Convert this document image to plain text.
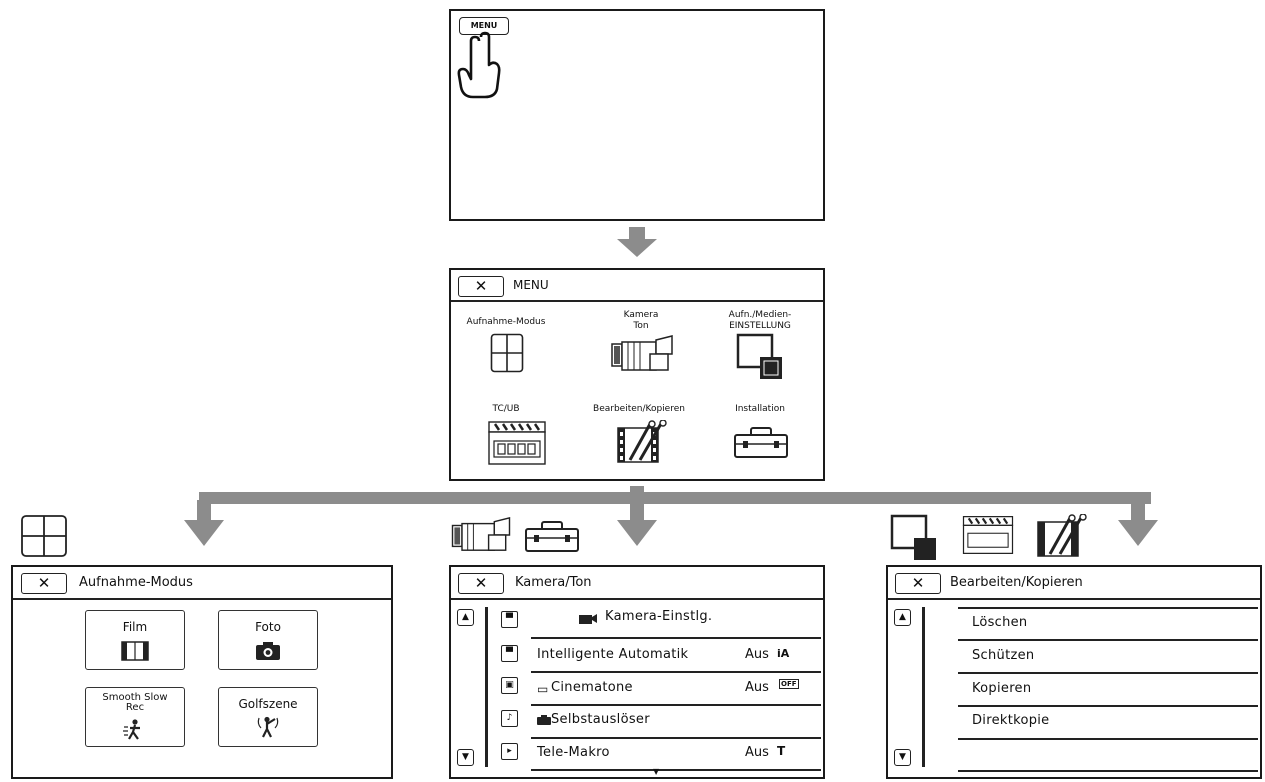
MENU
✕	MENU
Aufnahme-Modus
Kamera
Ton
Aufn./Medien-
EINSTELLUNG
TC/UB	Bearbeiten/Kopieren	Installation
✕	Aufnahme-Modus
Film	Foto
Smooth Slow
Rec	Golfszene
✕	Kamera/Ton
▲
▼
▀
▀
▣
♪
▸
Kamera-Einstlg.
Intelligente Automatik	Aus iA
▭ Cinematone	Aus OFF
Selbstauslöser
Tele-Makro	Aus T
▼
✕	Bearbeiten/Kopieren
▲
▼
Löschen
Schützen
Kopieren
Direktkopie
